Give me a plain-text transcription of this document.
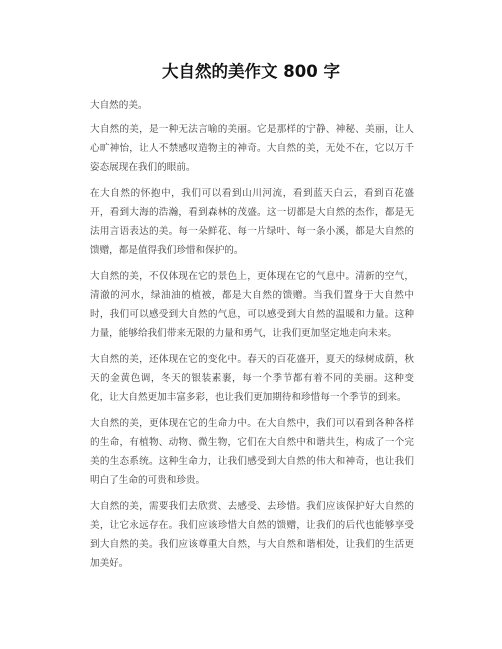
大自然的美作文 800 字

大自然的美。

大自然的美，是一种无法言喻的美丽。它是那样的宁静、神秘、美丽，让人心旷神怡，让人不禁感叹造物主的神奇。大自然的美，无处不在，它以万千姿态展现在我们的眼前。

在大自然的怀抱中，我们可以看到山川河流，看到蓝天白云，看到百花盛开，看到大海的浩瀚，看到森林的茂盛。这一切都是大自然的杰作，都是无法用言语表达的美。每一朵鲜花、每一片绿叶、每一条小溪，都是大自然的馈赠，都是值得我们珍惜和保护的。

大自然的美，不仅体现在它的景色上，更体现在它的气息中。清新的空气，清澈的河水，绿油油的植被，都是大自然的馈赠。当我们置身于大自然中时，我们可以感受到大自然的气息，可以感受到大自然的温暖和力量。这种力量，能够给我们带来无限的力量和勇气，让我们更加坚定地走向未来。

大自然的美，还体现在它的变化中。春天的百花盛开，夏天的绿树成荫，秋天的金黄色调，冬天的银装素裹，每一个季节都有着不同的美丽。这种变化，让大自然更加丰富多彩，也让我们更加期待和珍惜每一个季节的到来。

大自然的美，更体现在它的生命力中。在大自然中，我们可以看到各种各样的生命，有植物、动物、微生物，它们在大自然中和谐共生，构成了一个完美的生态系统。这种生命力，让我们感受到大自然的伟大和神奇，也让我们明白了生命的可贵和珍贵。

大自然的美，需要我们去欣赏、去感受、去珍惜。我们应该保护好大自然的美，让它永远存在。我们应该珍惜大自然的馈赠，让我们的后代也能够享受到大自然的美。我们应该尊重大自然，与大自然和谐相处，让我们的生活更加美好。
